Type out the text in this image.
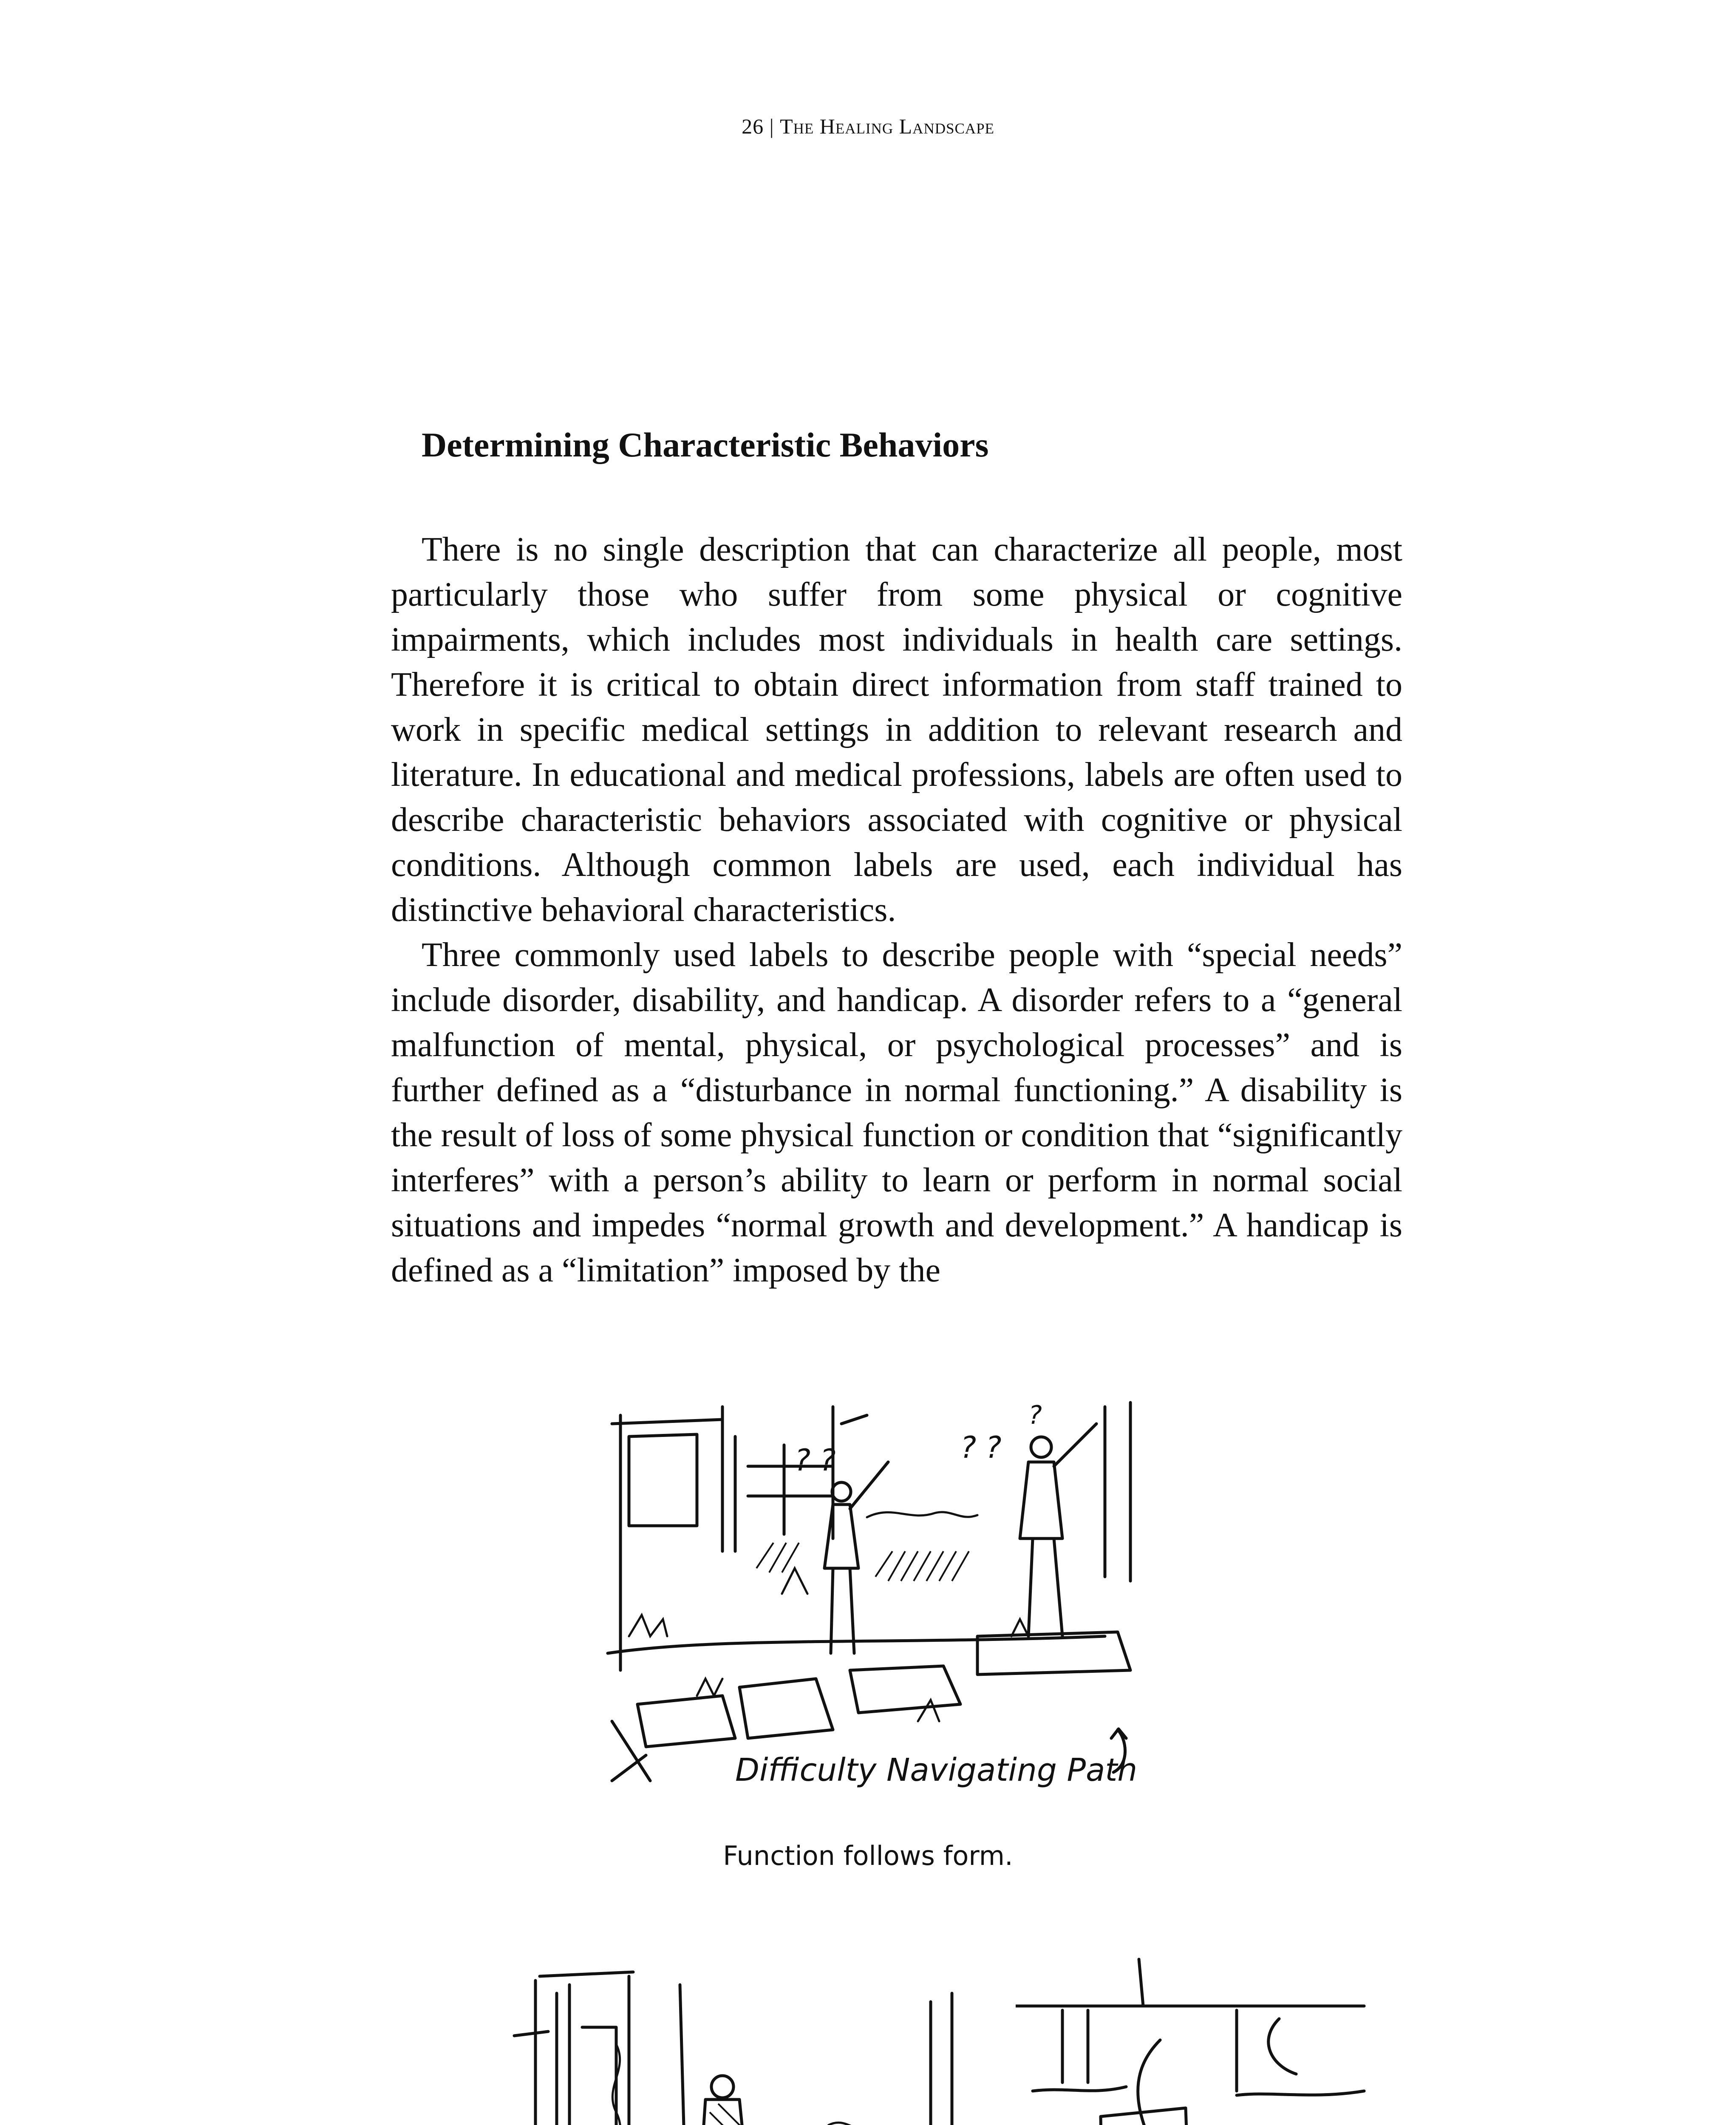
26 | The Healing Landscape
Determining Characteristic Behaviors

There is no single description that can characterize all people, most particularly those who suffer from some physical or cognitive impairments, which includes most individuals in health care settings. Therefore it is critical to obtain direct information from staff trained to work in specific medical settings in addition to relevant research and literature. In educational and medical professions, labels are often used to describe characteristic behaviors associated with cognitive or physical conditions. Although common labels are used, each individual has distinctive behavioral characteristics.

Three commonly used labels to describe people with “special needs” include disorder, disability, and handicap. A disorder refers to a “general malfunction of mental, physical, or psychological processes” and is further defined as a “disturbance in normal functioning.” A disability is the result of loss of some physical function or condition that “significantly interferes” with a person’s ability to learn or perform in normal social situations and impedes “normal growth and development.” A handicap is defined as a “limitation” imposed by the

? ?	? ?
?
Difficulty Navigating Path
Function follows form.
